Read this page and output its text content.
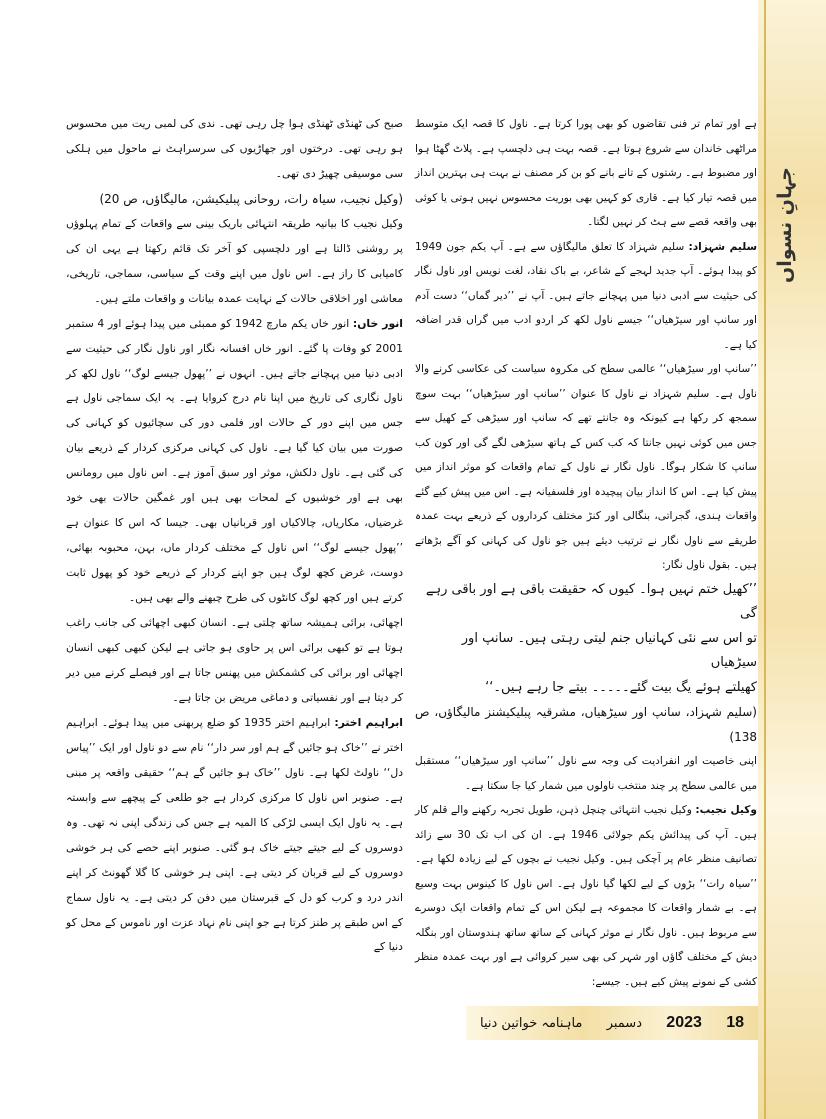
جہانِ نسواں

ہے اور تمام تر فنی تقاضوں کو بھی پورا کرتا ہے۔ ناول کا قصہ ایک متوسط مراٹھی خاندان سے شروع ہوتا ہے۔ قصہ بہت ہی دلچسپ ہے۔ پلاٹ گھٹا ہوا اور مضبوط ہے۔ رشتوں کے تانے بانے کو بن کر مصنف نے بہت ہی بہترین انداز میں قصہ تیار کیا ہے۔ قاری کو کہیں بھی بوریت محسوس نہیں ہوتی یا کوئی بھی واقعہ قصے سے ہٹ کر نہیں لگتا۔

سلیم شہزاد: سلیم شہزاد کا تعلق مالیگاؤں سے ہے۔ آپ یکم جون 1949 کو پیدا ہوئے۔ آپ جدید لہجے کے شاعر، بے باک نقاد، لغت نویس اور ناول نگار کی حیثیت سے ادبی دنیا میں پہچانے جاتے ہیں۔ آپ نے ’’دیر گماں‘‘ دست آدم اور سانپ اور سیڑھیاں‘‘ جیسے ناول لکھ کر اردو ادب میں گراں قدر اضافہ کیا ہے۔

’’سانپ اور سیڑھیاں‘‘ عالمی سطح کی مکروہ سیاست کی عکاسی کرنے والا ناول ہے۔ سلیم شہزاد نے ناول کا عنوان ’’سانپ اور سیڑھیاں‘‘ بہت سوچ سمجھ کر رکھا ہے کیونکہ وہ جانتے تھے کہ سانپ اور سیڑھی کے کھیل سے جس میں کوئی نہیں جانتا کہ کب کس کے ہاتھ سیڑھی لگے گی اور کون کب سانپ کا شکار ہوگا۔ ناول نگار نے ناول کے تمام واقعات کو موثر انداز میں پیش کیا ہے۔ اس کا انداز بیان پیچیدہ اور فلسفیانہ ہے۔ اس میں پیش کیے گئے واقعات ہندی، گجراتی، بنگالی اور کنڑ مختلف کرداروں کے ذریعے بہت عمدہ طریقے سے ناول نگار نے ترتیب دیئے ہیں جو ناول کی کہانی کو آگے بڑھاتے ہیں۔ بقول ناول نگار:

’’کھیل ختم نہیں ہوا۔ کیوں کہ حقیقت باقی ہے اور باقی رہے گی

تو اس سے نئی کہانیاں جنم لیتی رہتی ہیں۔ سانپ اور سیڑھیاں

کھیلتے ہوئے یگ بیت گئے۔۔۔۔۔ بیتے جا رہے ہیں۔‘‘

(سلیم شہزاد، سانپ اور سیڑھیاں، مشرقیہ پبلیکیشنز مالیگاؤں، ص 138)

اپنی خاصیت اور انفرادیت کی وجہ سے ناول ’’سانپ اور سیڑھیاں‘‘ مستقبل میں عالمی سطح پر چند منتخب ناولوں میں شمار کیا جا سکتا ہے۔

وکیل نجیب: وکیل نجیب انتہائی چنچل ذہن، طویل تجربہ رکھنے والے قلم کار ہیں۔ آپ کی پیدائش یکم جولائی 1946 ہے۔ ان کی اب تک 30 سے زائد تصانیف منظر عام پر آچکی ہیں۔ وکیل نجیب نے بچوں کے لیے زیادہ لکھا ہے۔ ’’سیاہ رات‘‘ بڑوں کے لیے لکھا گیا ناول ہے۔ اس ناول کا کینوس بہت وسیع ہے۔ بے شمار واقعات کا مجموعہ ہے لیکن اس کے تمام واقعات ایک دوسرے سے مربوط ہیں۔ ناول نگار نے موثر کہانی کے ساتھ ساتھ ہندوستان اور بنگلہ دیش کے مختلف گاؤں اور شہر کی بھی سیر کروائی ہے اور بہت عمدہ منظر کشی کے نمونے پیش کیے ہیں۔ جیسے:

صبح کی ٹھنڈی ٹھنڈی ہوا چل رہی تھی۔ ندی کی لمبی ریت میں محسوس ہو رہی تھی۔ درختوں اور جھاڑیوں کی سرسراہٹ نے ماحول میں ہلکی سی موسیقی چھیڑ دی تھی۔

(وکیل نجیب، سیاہ رات، روحانی پبلیکیشن، مالیگاؤں، ص 20)

وکیل نجیب کا بیانیہ طریقہ انتہائی باریک بینی سے واقعات کے تمام پہلوؤں پر روشنی ڈالتا ہے اور دلچسپی کو آخر تک قائم رکھتا ہے یہی ان کی کامیابی کا راز ہے۔ اس ناول میں اپنے وقت کے سیاسی، سماجی، تاریخی، معاشی اور اخلاقی حالات کے نہایت عمدہ بیانات و واقعات ملتے ہیں۔

انور خاں: انور خاں یکم مارچ 1942 کو ممبئی میں پیدا ہوئے اور 4 ستمبر 2001 کو وفات پا گئے۔ انور خاں افسانہ نگار اور ناول نگار کی حیثیت سے ادبی دنیا میں پہچانے جاتے ہیں۔ انہوں نے ’’پھول جیسے لوگ‘‘ ناول لکھ کر ناول نگاری کی تاریخ میں اپنا نام درج کروایا ہے۔ یہ ایک سماجی ناول ہے جس میں اپنے دور کے حالات اور فلمی دور کی سچائیوں کو کہانی کی صورت میں بیان کیا گیا ہے۔ ناول کی کہانی مرکزی کردار کے ذریعے بیان کی گئی ہے۔ ناول دلکش، موثر اور سبق آموز ہے۔ اس ناول میں رومانس بھی ہے اور خوشیوں کے لمحات بھی ہیں اور غمگین حالات بھی خود غرضیاں، مکاریاں، چالاکیاں اور قربانیاں بھی۔ جیسا کہ اس کا عنوان ہے ’’پھول جیسے لوگ‘‘ اس ناول کے مختلف کردار ماں، بہن، محبوبہ بھائی، دوست، غرض کچھ لوگ ہیں جو اپنے کردار کے ذریعے خود کو پھول ثابت کرتے ہیں اور کچھ لوگ کانٹوں کی طرح چبھنے والے بھی ہیں۔

اچھائی، برائی ہمیشہ ساتھ چلتی ہے۔ انسان کبھی اچھائی کی جانب راغب ہوتا ہے تو کبھی برائی اس پر حاوی ہو جاتی ہے لیکن کبھی کبھی انسان اچھائی اور برائی کی کشمکش میں پھنس جاتا ہے اور فیصلے کرنے میں دیر کر دیتا ہے اور نفسیاتی و دماغی مریض بن جاتا ہے۔

ابراہیم اختر: ابراہیم اختر 1935 کو ضلع پربھنی میں پیدا ہوئے۔ ابراہیم اختر نے ’’خاک ہو جائیں گے ہم اور سر دار‘‘ نام سے دو ناول اور ایک ’’پیاس دل‘‘ ناولٹ لکھا ہے۔ ناول ’’خاک ہو جائیں گے ہم‘‘ حقیقی واقعہ پر مبنی ہے۔ صنوبر اس ناول کا مرکزی کردار ہے جو طلعی کے پیچھے سے وابستہ ہے۔ یہ ناول ایک ایسی لڑکی کا المیہ ہے جس کی زندگی اپنی نہ تھی۔ وہ دوسروں کے لیے جیتے جیتے خاک ہو گئی۔ صنوبر اپنے حصے کی ہر خوشی دوسروں کے لیے قربان کر دیتی ہے۔ اپنی ہر خوشی کا گلا گھونٹ کر اپنے اندر درد و کرب کو دل کے قبرستان میں دفن کر دیتی ہے۔ یہ ناول سماج کے اس طبقے پر طنز کرتا ہے جو اپنی نام نہاد عزت اور ناموس کے محل کو دنیا کے

ماہنامہ خواتین دنیا دسمبر 2023 18
